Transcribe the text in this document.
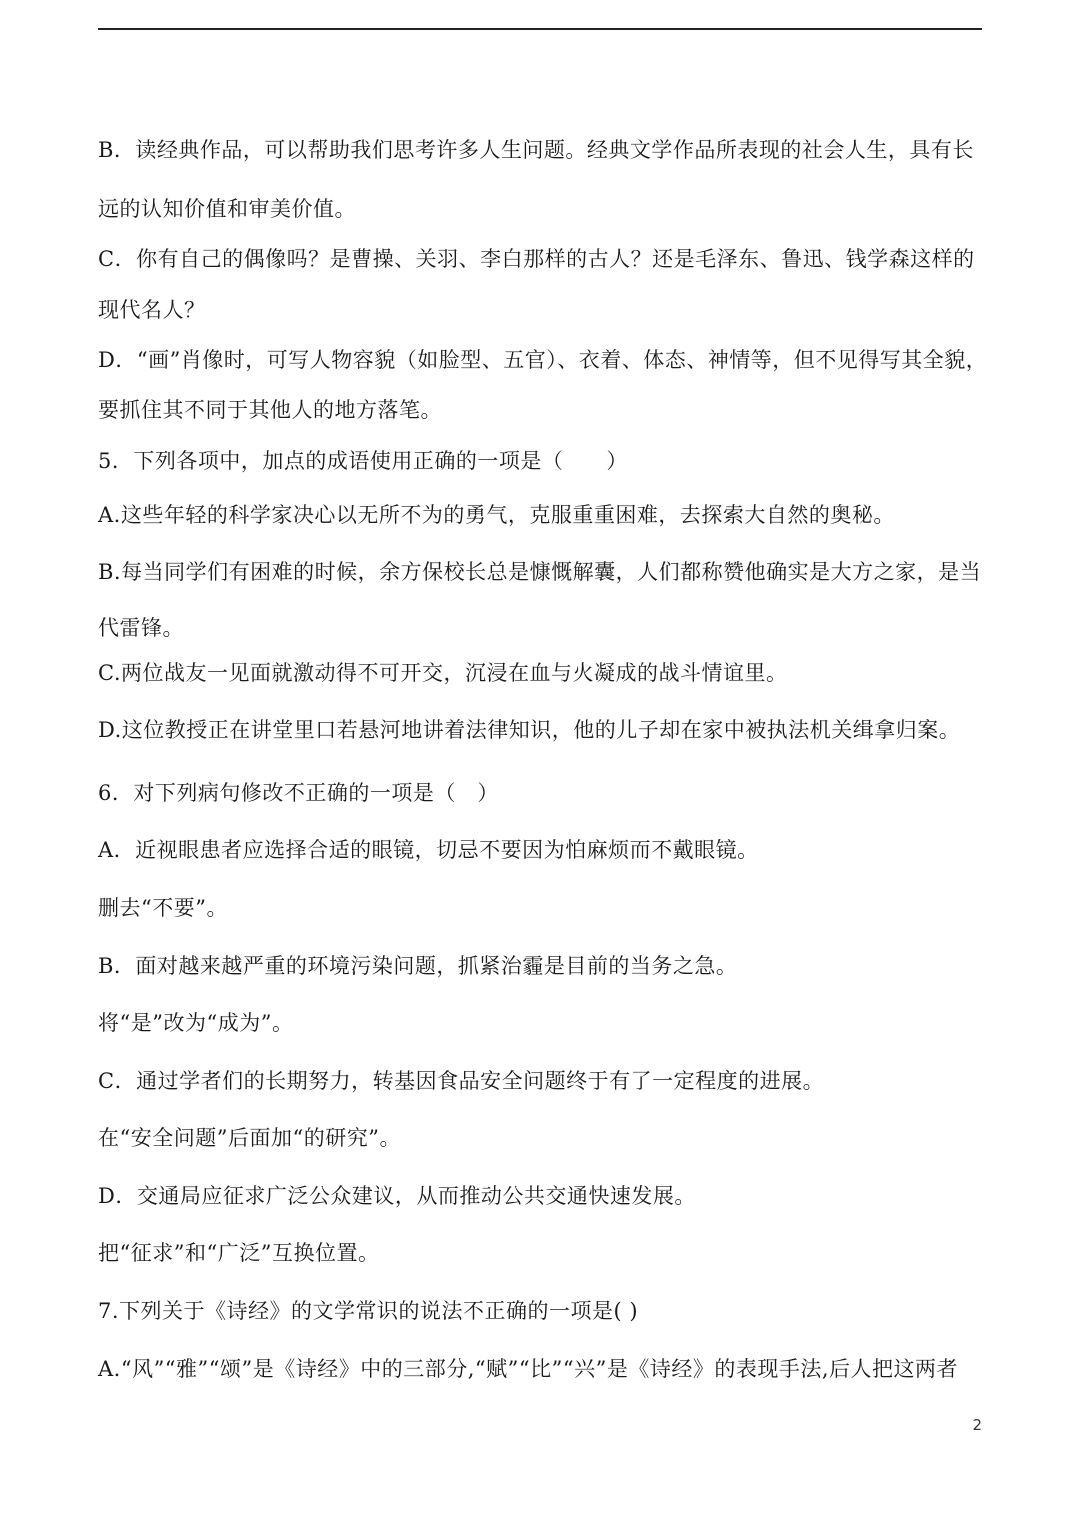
B．读经典作品，可以帮助我们思考许多人生问题。经典文学作品所表现的社会人生，具有长
远的认知价值和审美价值。
C．你有自己的偶像吗？是曹操、关羽、李白那样的古人？还是毛泽东、鲁迅、钱学森这样的
现代名人？
D．“画”肖像时，可写人物容貌（如脸型、五官）、衣着、体态、神情等，但不见得写其全貌，
要抓住其不同于其他人的地方落笔。
5．下列各项中，加点的成语使用正确的一项是（　　）
A.这些年轻的科学家决心以无所不为的勇气，克服重重困难，去探索大自然的奥秘。
B.每当同学们有困难的时候，余方保校长总是慷慨解囊，人们都称赞他确实是大方之家，是当
代雷锋。
C.两位战友一见面就激动得不可开交，沉浸在血与火凝成的战斗情谊里。
D.这位教授正在讲堂里口若悬河地讲着法律知识，他的儿子却在家中被执法机关缉拿归案。
6．对下列病句修改不正确的一项是（　）
A．近视眼患者应选择合适的眼镜，切忌不要因为怕麻烦而不戴眼镜。
删去“不要”。
B．面对越来越严重的环境污染问题，抓紧治霾是目前的当务之急。
将“是”改为“成为”。
C．通过学者们的长期努力，转基因食品安全问题终于有了一定程度的进展。
在“安全问题”后面加“的研究”。
D．交通局应征求广泛公众建议，从而推动公共交通快速发展。
把“征求”和“广泛”互换位置。
7.下列关于《诗经》的文学常识的说法不正确的一项是( )
A.“风”“雅”“颂”是《诗经》中的三部分,“赋”“比”“兴”是《诗经》的表现手法,后人把这两者
2
